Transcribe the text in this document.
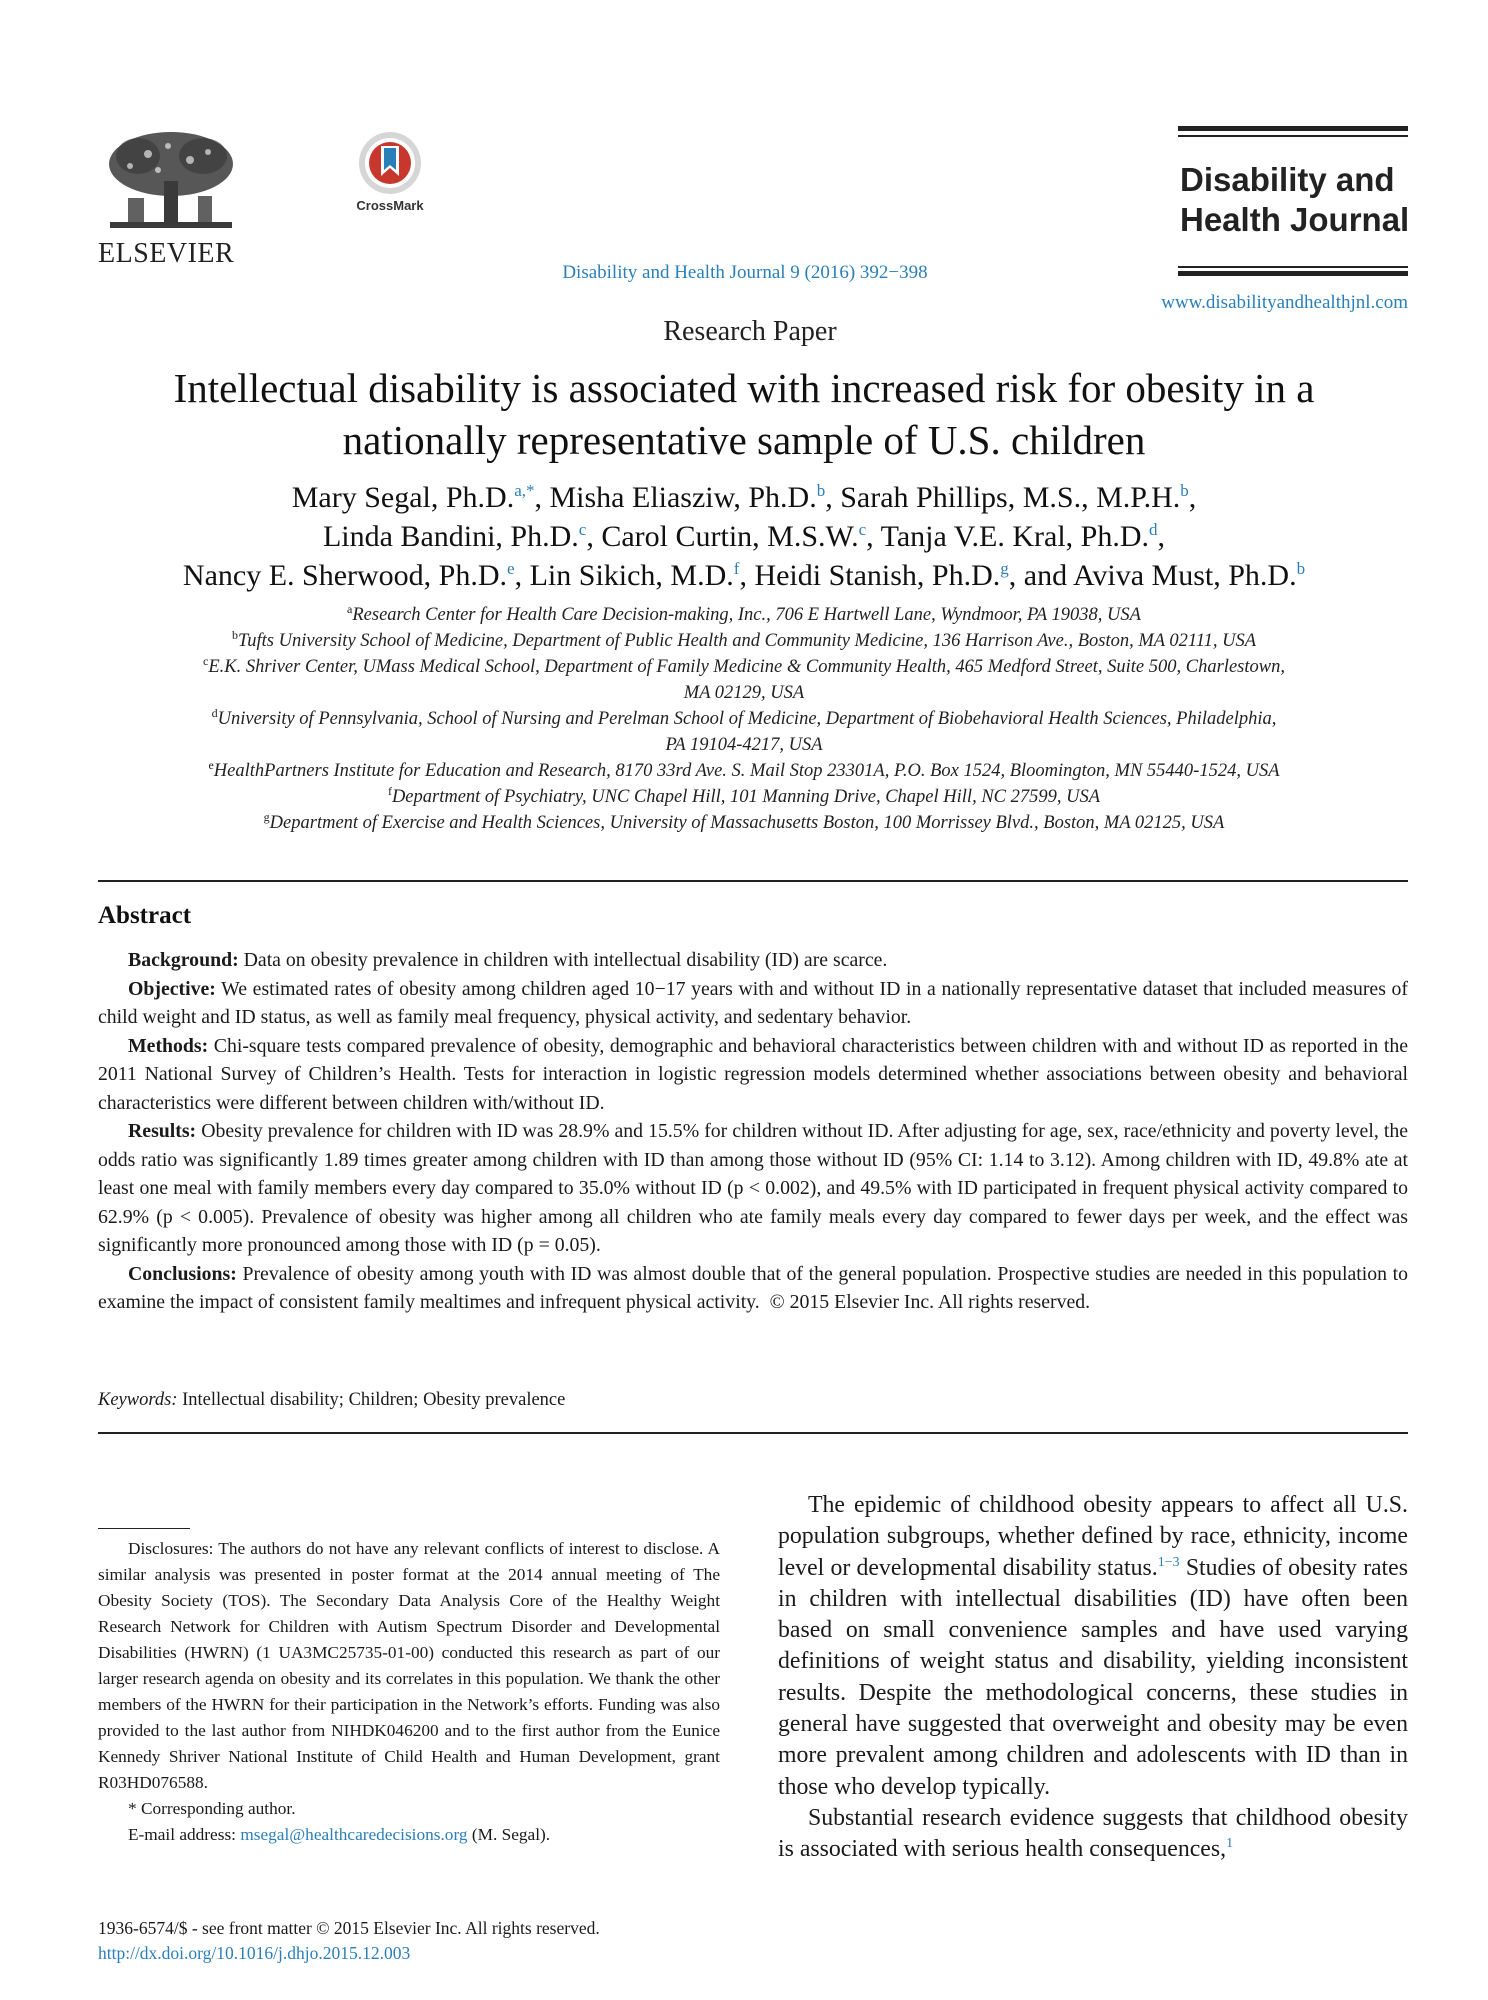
ELSEVIER
CrossMark
Disability and
Health Journal
Disability and Health Journal 9 (2016) 392−398
www.disabilityandhealthjnl.com
Research Paper
Intellectual disability is associated with increased risk for obesity in a
nationally representative sample of U.S. children
Mary Segal, Ph.D.$^{a,*}$, Misha Eliasziw, Ph.D.$^b$, Sarah Phillips, M.S., M.P.H.$^b$,
Linda Bandini, Ph.D.$^c$, Carol Curtin, M.S.W.$^c$, Tanja V.E. Kral, Ph.D.$^d$,
Nancy E. Sherwood, Ph.D.$^e$, Lin Sikich, M.D.$^f$, Heidi Stanish, Ph.D.$^g$, and Aviva Must, Ph.D.$^b$
$^a$Research Center for Health Care Decision-making, Inc., 706 E Hartwell Lane, Wyndmoor, PA 19038, USA
$^b$Tufts University School of Medicine, Department of Public Health and Community Medicine, 136 Harrison Ave., Boston, MA 02111, USA
$^c$E.K. Shriver Center, UMass Medical School, Department of Family Medicine & Community Health, 465 Medford Street, Suite 500, Charlestown,
MA 02129, USA
$^d$University of Pennsylvania, School of Nursing and Perelman School of Medicine, Department of Biobehavioral Health Sciences, Philadelphia,
PA 19104-4217, USA
$^e$HealthPartners Institute for Education and Research, 8170 33rd Ave. S. Mail Stop 23301A, P.O. Box 1524, Bloomington, MN 55440-1524, USA
$^f$Department of Psychiatry, UNC Chapel Hill, 101 Manning Drive, Chapel Hill, NC 27599, USA
$^g$Department of Exercise and Health Sciences, University of Massachusetts Boston, 100 Morrissey Blvd., Boston, MA 02125, USA
Abstract

Background: Data on obesity prevalence in children with intellectual disability (ID) are scarce.

Objective: We estimated rates of obesity among children aged 10−17 years with and without ID in a nationally representative dataset that included measures of child weight and ID status, as well as family meal frequency, physical activity, and sedentary behavior.

Methods: Chi-square tests compared prevalence of obesity, demographic and behavioral characteristics between children with and without ID as reported in the 2011 National Survey of Children’s Health. Tests for interaction in logistic regression models determined whether associations between obesity and behavioral characteristics were different between children with/without ID.

Results: Obesity prevalence for children with ID was 28.9% and 15.5% for children without ID. After adjusting for age, sex, race/ethnicity and poverty level, the odds ratio was significantly 1.89 times greater among children with ID than among those without ID (95% CI: 1.14 to 3.12). Among children with ID, 49.8% ate at least one meal with family members every day compared to 35.0% without ID (p < 0.002), and 49.5% with ID participated in frequent physical activity compared to 62.9% (p < 0.005). Prevalence of obesity was higher among all children who ate family meals every day compared to fewer days per week, and the effect was significantly more pronounced among those with ID (p = 0.05).

Conclusions: Prevalence of obesity among youth with ID was almost double that of the general population. Prospective studies are needed in this population to examine the impact of consistent family mealtimes and infrequent physical activity. © 2015 Elsevier Inc. All rights reserved.

Keywords: Intellectual disability; Children; Obesity prevalence

Disclosures: The authors do not have any relevant conflicts of interest to disclose. A similar analysis was presented in poster format at the 2014 annual meeting of The Obesity Society (TOS). The Secondary Data Analysis Core of the Healthy Weight Research Network for Children with Autism Spectrum Disorder and Developmental Disabilities (HWRN) (1 UA3MC25735-01-00) conducted this research as part of our larger research agenda on obesity and its correlates in this population. We thank the other members of the HWRN for their participation in the Network’s efforts. Funding was also provided to the last author from NIHDK046200 and to the first author from the Eunice Kennedy Shriver National Institute of Child Health and Human Development, grant R03HD076588.

* Corresponding author.

E-mail address: msegal@healthcaredecisions.org (M. Segal).

1936-6574/$ - see front matter © 2015 Elsevier Inc. All rights reserved.
http://dx.doi.org/10.1016/j.dhjo.2015.12.003

The epidemic of childhood obesity appears to affect all U.S. population subgroups, whether defined by race, ethnicity, income level or developmental disability status.$^{1-3}$ Studies of obesity rates in children with intellectual disabilities (ID) have often been based on small convenience samples and have used varying definitions of weight status and disability, yielding inconsistent results. Despite the methodological concerns, these studies in general have suggested that overweight and obesity may be even more prevalent among children and adolescents with ID than in those who develop typically.

Substantial research evidence suggests that childhood obesity is associated with serious health consequences,$^1$
